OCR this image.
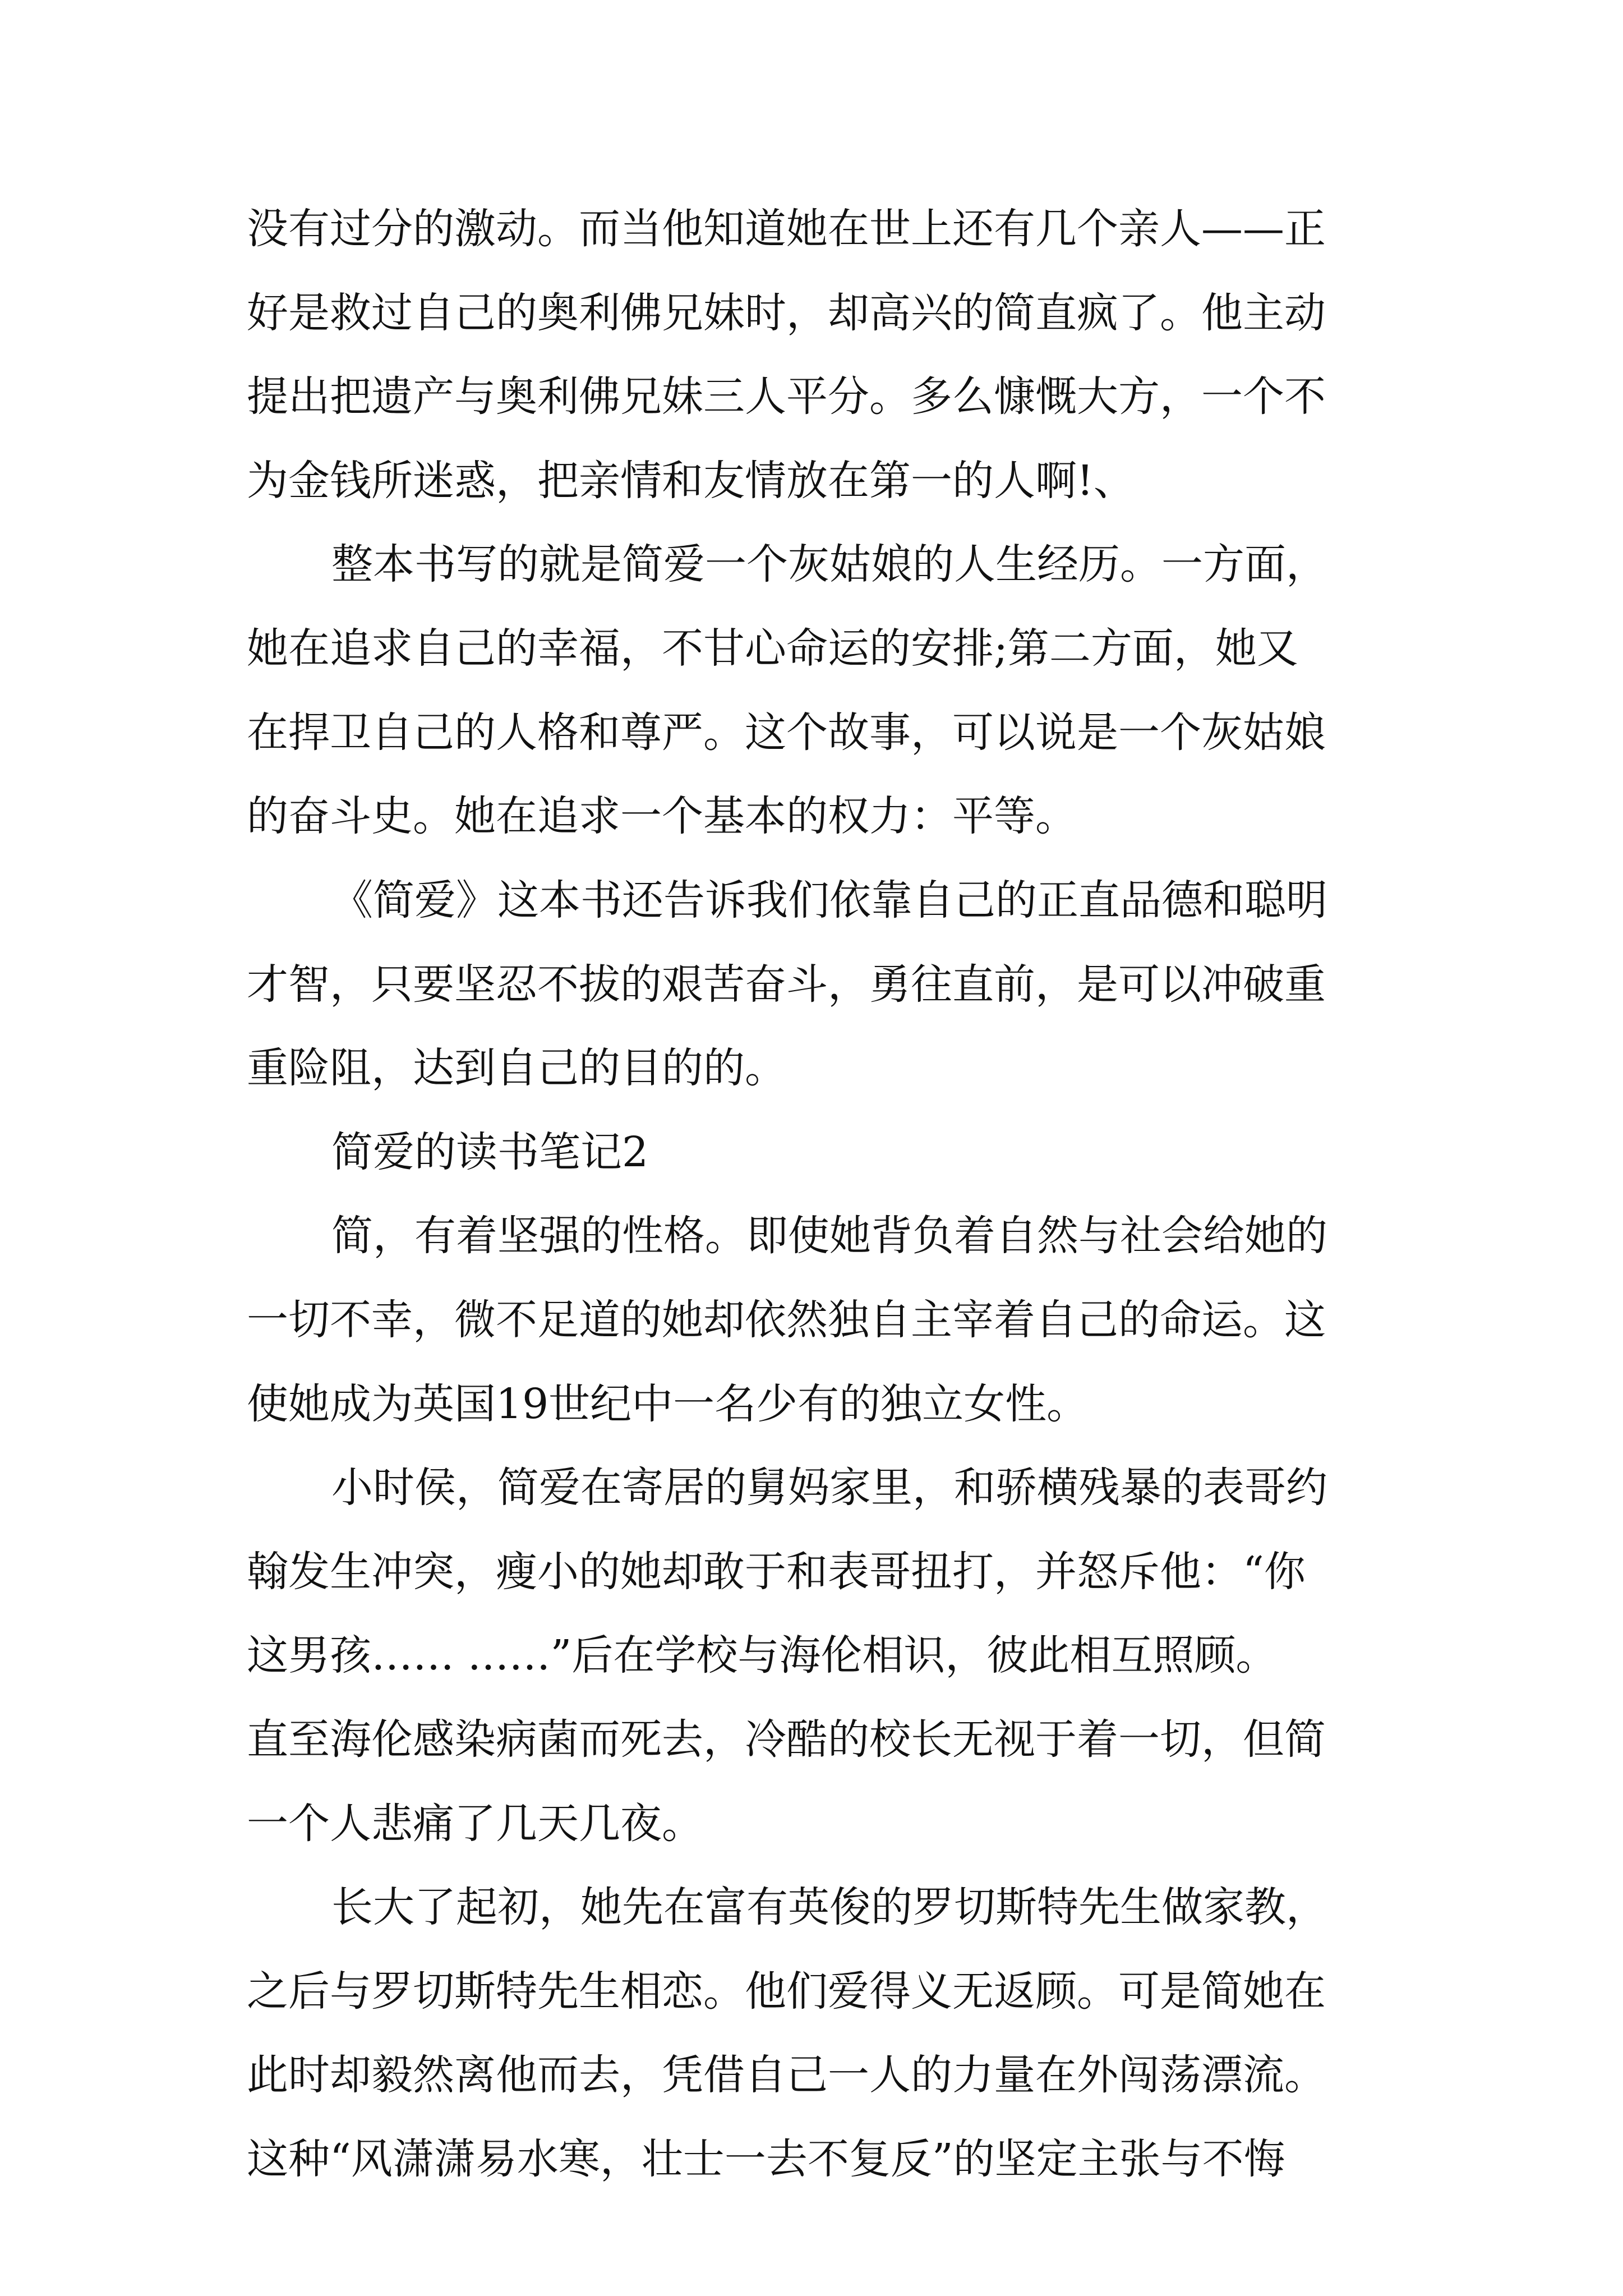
没有过分的激动。而当他知道她在世上还有几个亲人——正

好是救过自己的奥利佛兄妹时，却高兴的简直疯了。他主动

提出把遗产与奥利佛兄妹三人平分。多么慷慨大方，一个不

为金钱所迷惑，把亲情和友情放在第一的人啊!、

整本书写的就是简爱一个灰姑娘的人生经历。一方面，

她在追求自己的幸福，不甘心命运的安排;第二方面，她又

在捍卫自己的人格和尊严。这个故事，可以说是一个灰姑娘

的奋斗史。她在追求一个基本的权力：平等。

《简爱》这本书还告诉我们依靠自己的正直品德和聪明

才智，只要坚忍不拔的艰苦奋斗，勇往直前，是可以冲破重

重险阻，达到自己的目的的。

简爱的读书笔记2

简，有着坚强的性格。即使她背负着自然与社会给她的

一切不幸，微不足道的她却依然独自主宰着自己的命运。这

使她成为英国19世纪中一名少有的独立女性。

小时侯，简爱在寄居的舅妈家里，和骄横残暴的表哥约

翰发生冲突，瘦小的她却敢于和表哥扭打，并怒斥他：“你

这男孩…… ……”后在学校与海伦相识，彼此相互照顾。

直至海伦感染病菌而死去，冷酷的校长无视于着一切，但简

一个人悲痛了几天几夜。

长大了起初，她先在富有英俊的罗切斯特先生做家教，

之后与罗切斯特先生相恋。他们爱得义无返顾。可是简她在

此时却毅然离他而去，凭借自己一人的力量在外闯荡漂流。

这种“风潇潇易水寒，壮士一去不复反”的坚定主张与不悔
